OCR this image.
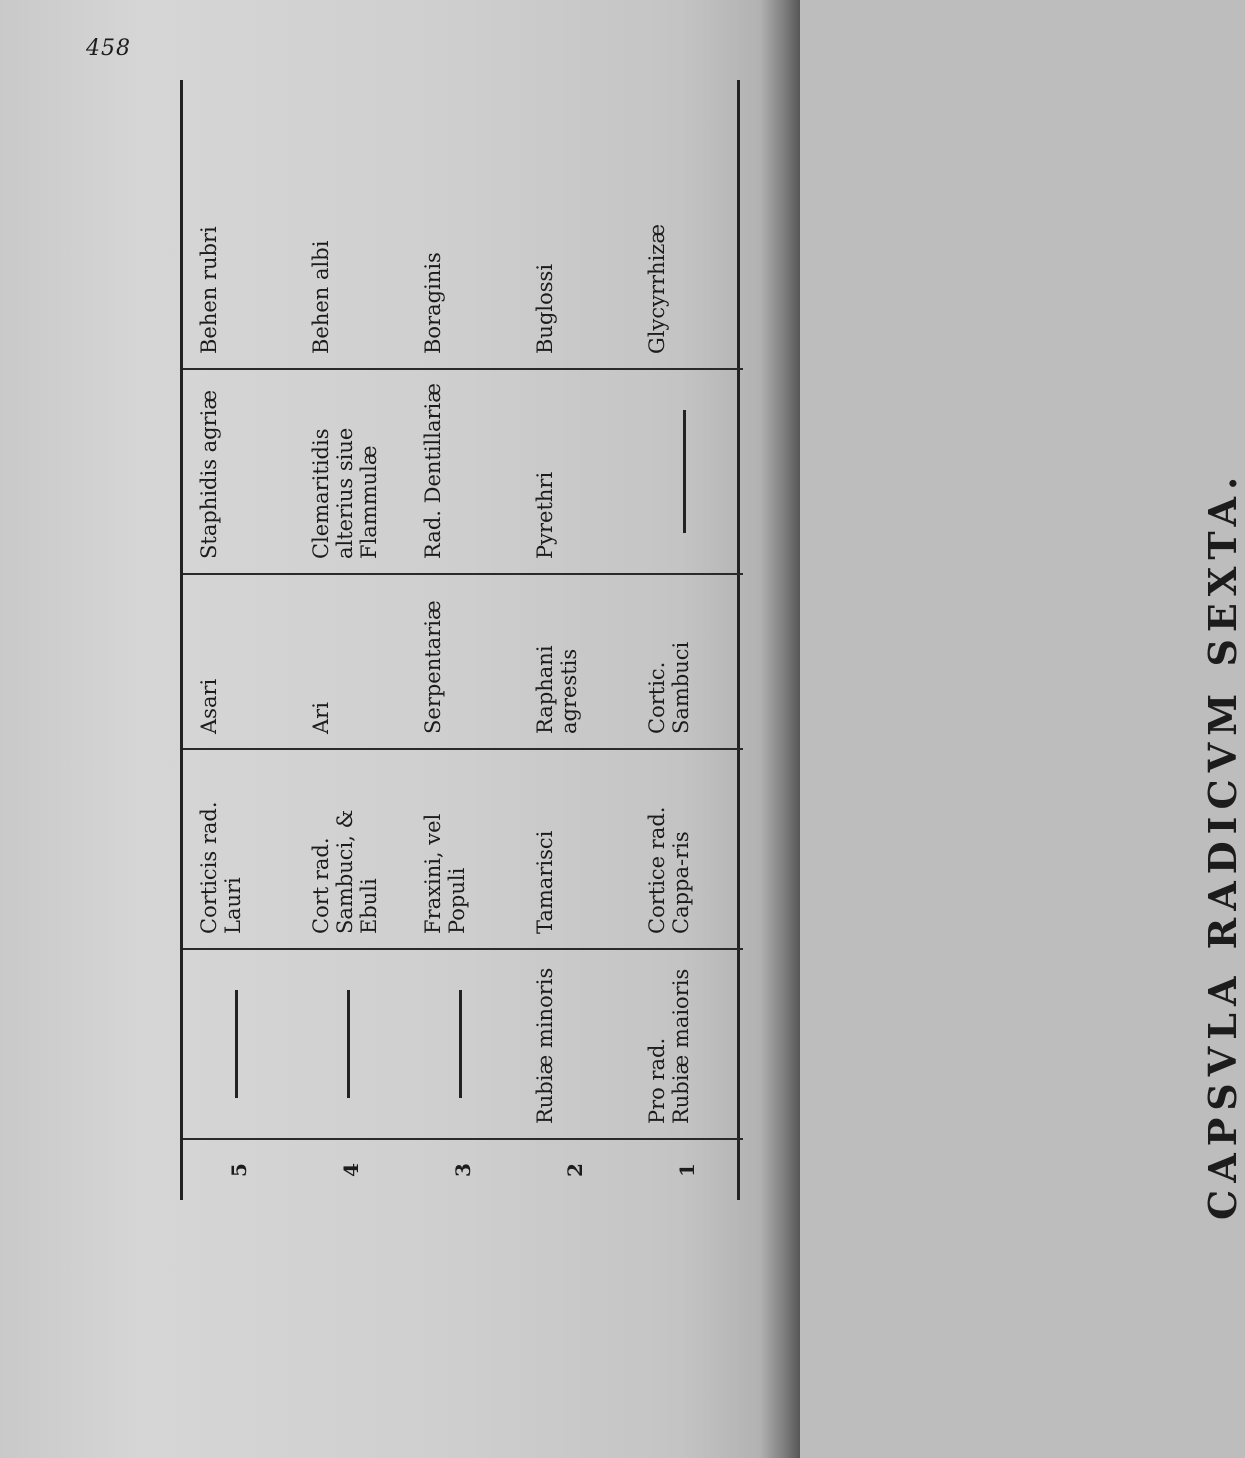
458
CAPSVLA RADICVM SEXTA.
5
Corticis rad. Lauri
Asari
Staphidis agriæ
Behen rubri
4
Cort rad. Sambuci, & Ebuli
Ari
Clemaritidis alterius siue Flammulæ
Behen albi
3
Fraxini, vel Populi
Serpentariæ
Rad. Dentillariæ
Boraginis
2
Rubiæ minoris
Tamarisci
Raphani agrestis
Pyrethri
Buglossi
1
Pro rad. Rubiæ maioris
Cortice rad. Cappa-ris
Cortic. Sambuci
Glycyrrhizæ
